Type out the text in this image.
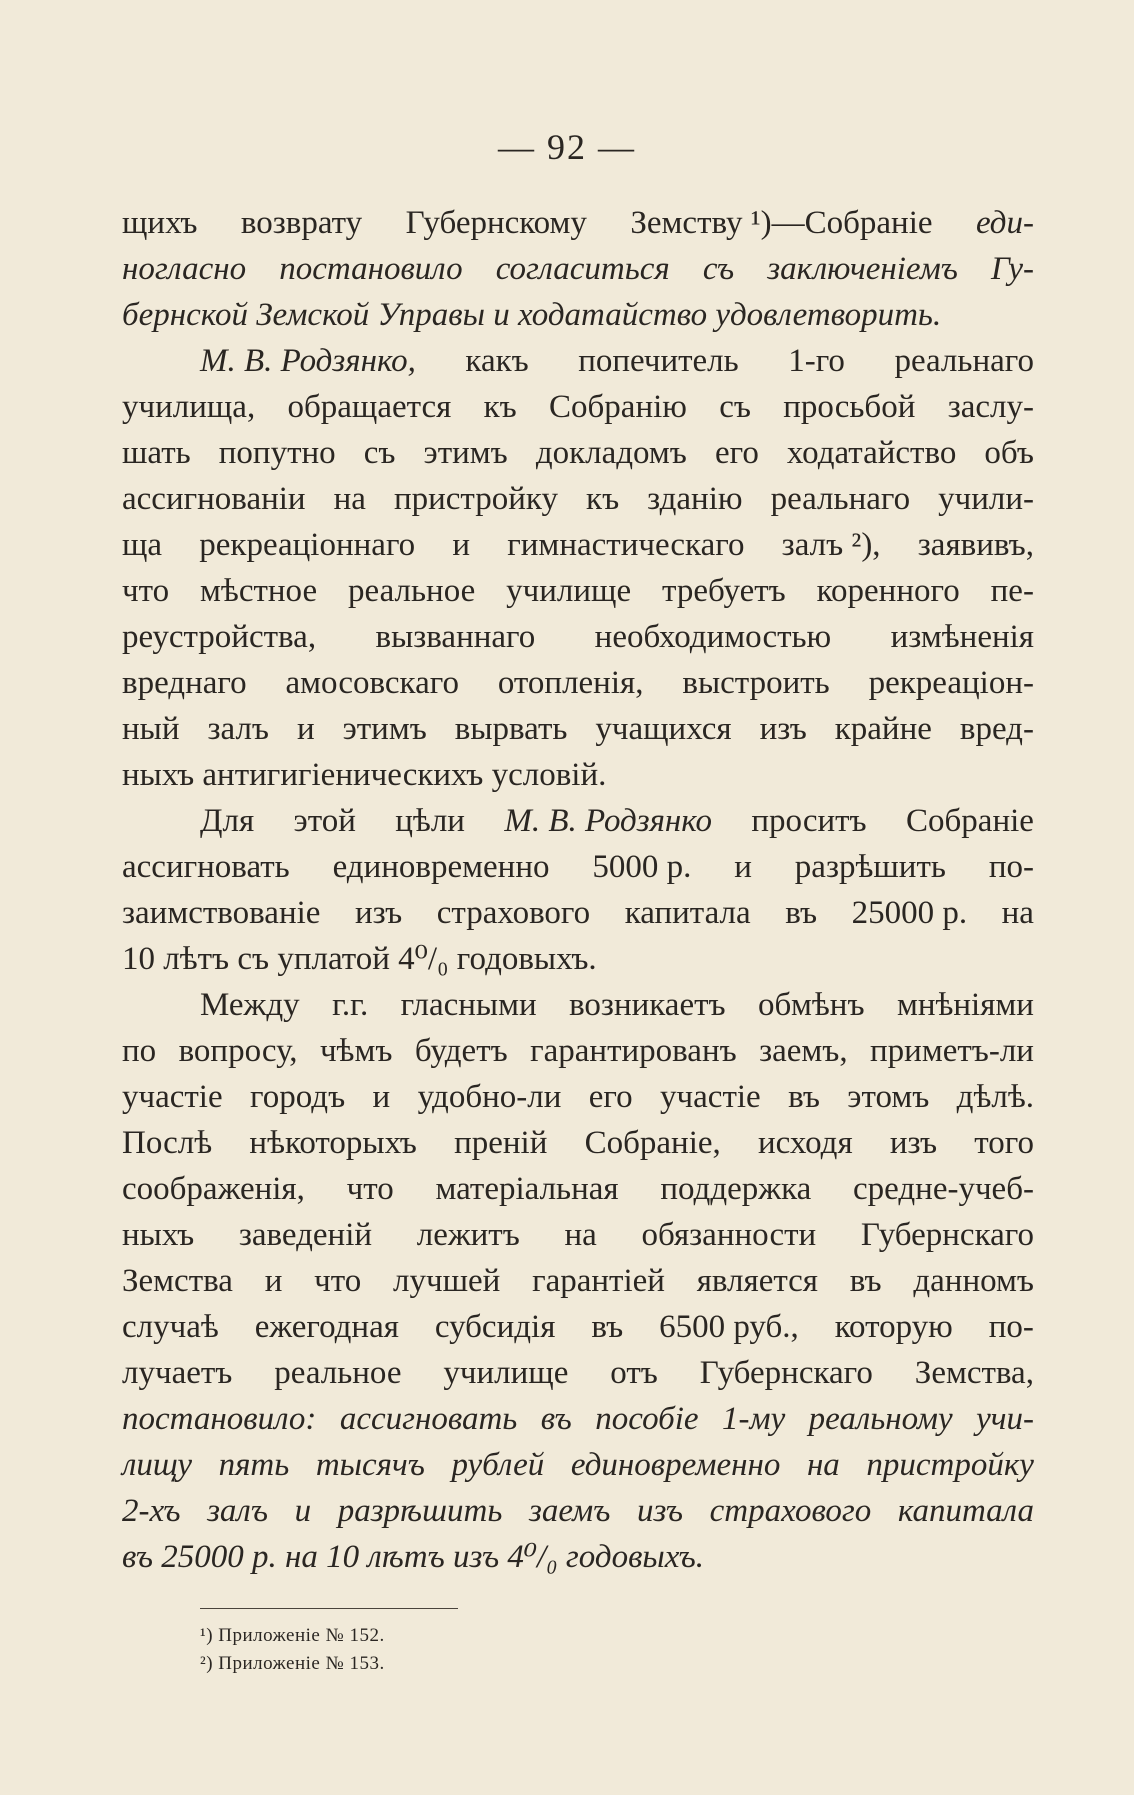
— 92 —
щихъ возврату Губернскому Земству ¹)—Собраніе еди-
ногласно постановило согласиться съ заключеніемъ Гу-
бернской Земской Управы и ходатайство удовлетворить.
М. В. Родзянко, какъ попечитель 1-го реальнаго
училища, обращается къ Собранію съ просьбой заслу-
шать попутно съ этимъ докладомъ его ходатайство объ
ассигнованіи на пристройку къ зданію реальнаго учили-
ща рекреаціоннаго и гимнастическаго залъ ²), заявивъ,
что мѣстное реальное училище требуетъ коренного пе-
реустройства, вызваннаго необходимостью измѣненія
вреднаго амосовскаго отопленія, выстроить рекреаціон-
ный залъ и этимъ вырвать учащихся изъ крайне вред-
ныхъ антигигіеническихъ условій.
Для этой цѣли М. В. Родзянко проситъ Собраніе
ассигновать единовременно 5000 р. и разрѣшить по-
заимствованіе изъ страхового капитала въ 25000 р. на
10 лѣтъ съ уплатой 4⁰/₀ годовыхъ.
Между г.г. гласными возникаетъ обмѣнъ мнѣніями
по вопросу, чѣмъ будетъ гарантированъ заемъ, приметъ-ли
участіе городъ и удобно-ли его участіе въ этомъ дѣлѣ.
Послѣ нѣкоторыхъ преній Собраніе, исходя изъ того
соображенія, что матеріальная поддержка средне-учеб-
ныхъ заведеній лежитъ на обязанности Губернскаго
Земства и что лучшей гарантіей является въ данномъ
случаѣ ежегодная субсидія въ 6500 руб., которую по-
лучаетъ реальное училище отъ Губернскаго Земства,
постановило: ассигновать въ пособіе 1-му реальному учи-
лищу пять тысячъ рублей единовременно на пристройку
2-хъ залъ и разрѣшить заемъ изъ страхового капитала
въ 25000 р. на 10 лѣтъ изъ 4⁰/₀ годовыхъ.
¹) Приложеніе № 152.
²) Приложеніе № 153.
